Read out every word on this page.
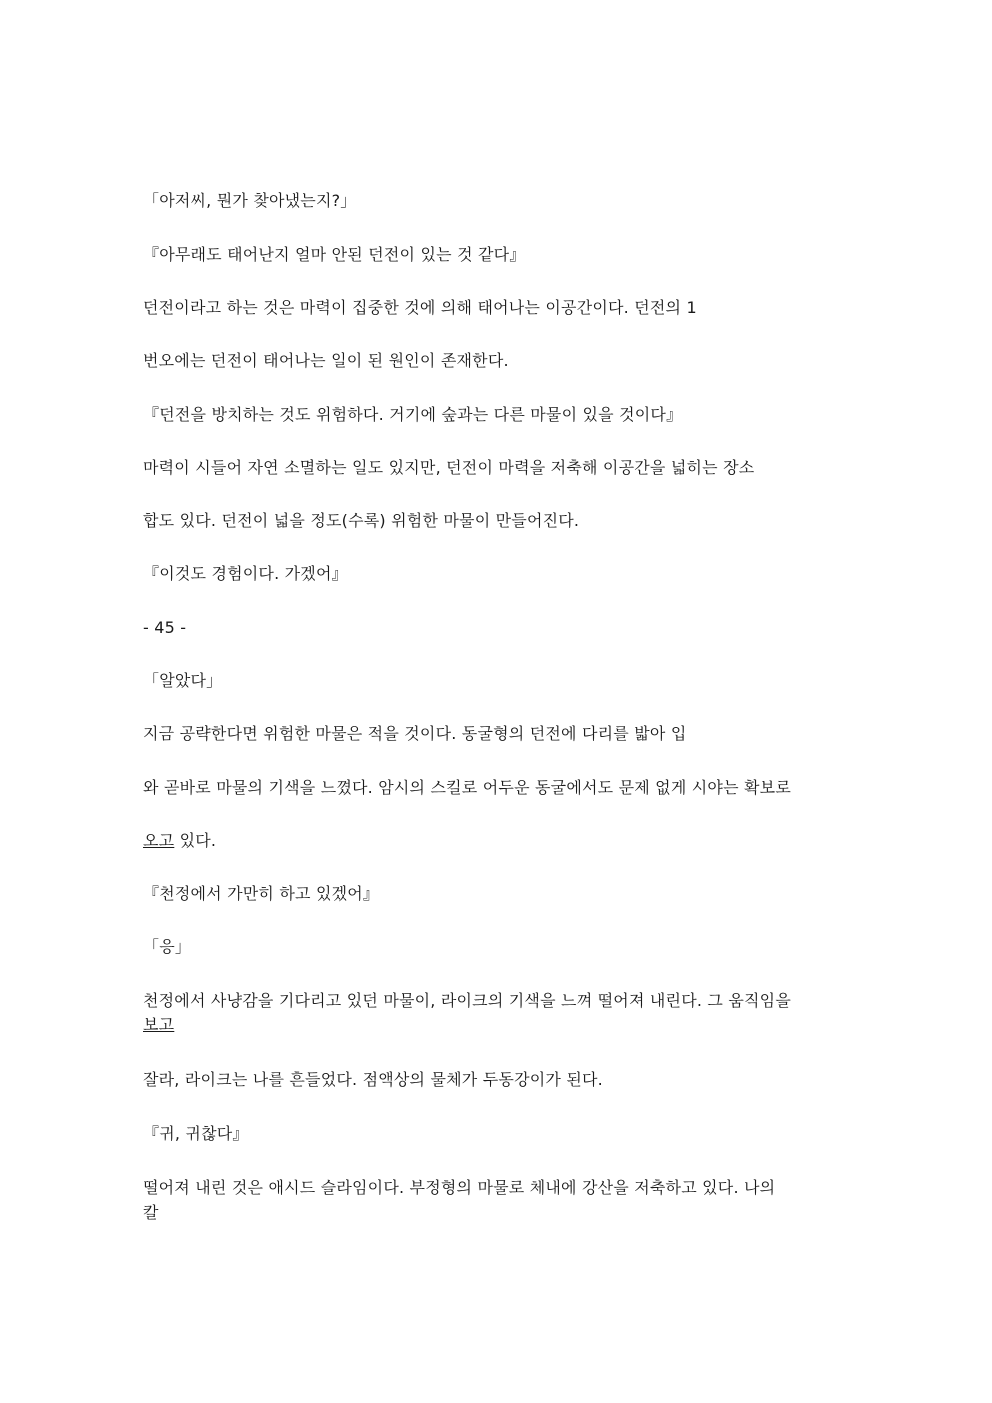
「아저씨, 뭔가 찾아냈는지?」
『아무래도 태어난지 얼마 안된 던전이 있는 것 같다』
던전이라고 하는 것은 마력이 집중한 것에 의해 태어나는 이공간이다. 던전의 1
번오에는 던전이 태어나는 일이 된 원인이 존재한다.
『던전을 방치하는 것도 위험하다. 거기에 숲과는 다른 마물이 있을 것이다』
마력이 시들어 자연 소멸하는 일도 있지만, 던전이 마력을 저축해 이공간을 넓히는 장소
합도 있다. 던전이 넓을 정도(수록) 위험한 마물이 만들어진다.
『이것도 경험이다. 가겠어』
- 45 -
「알았다」
지금 공략한다면 위험한 마물은 적을 것이다. 동굴형의 던전에 다리를 밟아 입
와 곧바로 마물의 기색을 느꼈다. 암시의 스킬로 어두운 동굴에서도 문제 없게 시야는 확보로
오고 있다.
『천정에서 가만히 하고 있겠어』
「응」
천정에서 사냥감을 기다리고 있던 마물이, 라이크의 기색을 느껴 떨어져 내린다. 그 움직임을
보고
잘라, 라이크는 나를 흔들었다. 점액상의 물체가 두동강이가 된다.
『귀, 귀찮다』
떨어져 내린 것은 애시드 슬라임이다. 부정형의 마물로 체내에 강산을 저축하고 있다. 나의
칼
